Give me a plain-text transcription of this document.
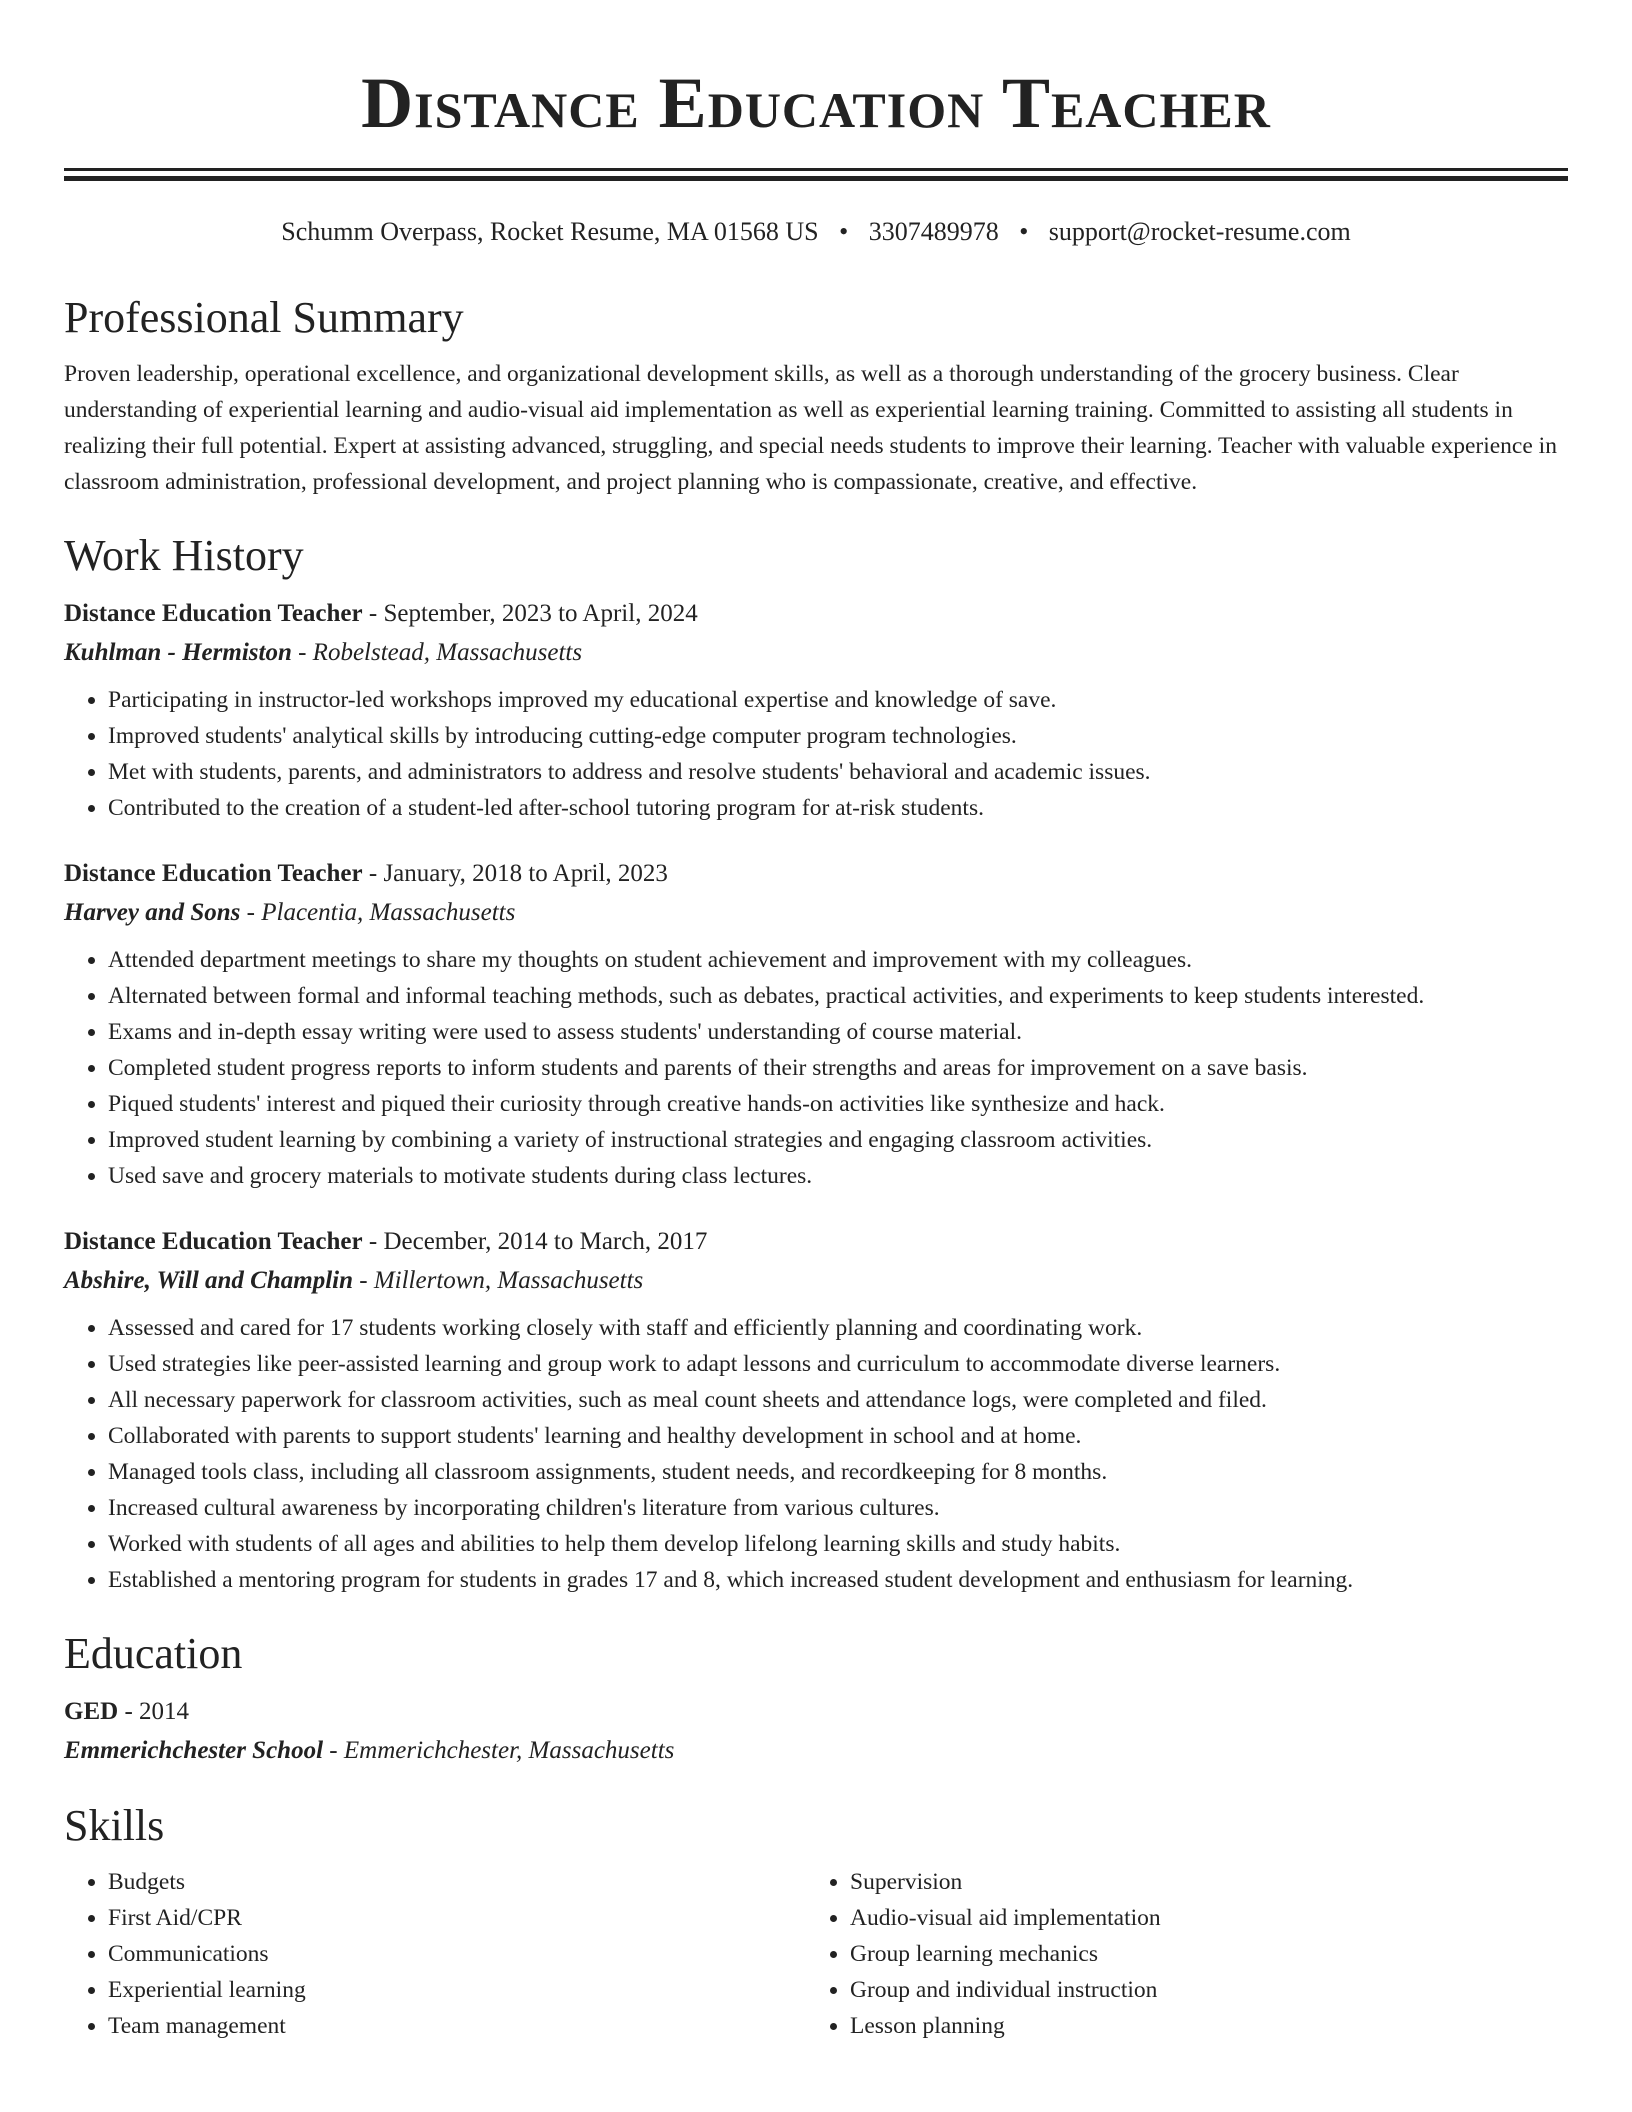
Distance Education Teacher
Schumm Overpass, Rocket Resume, MA 01568 US • 3307489978 • support@rocket-resume.com
Professional Summary

Proven leadership, operational excellence, and organizational development skills, as well as a thorough understanding of the grocery business. Clear understanding of experiential learning and audio-visual aid implementation as well as experiential learning training. Committed to assisting all students in realizing their full potential. Expert at assisting advanced, struggling, and special needs students to improve their learning. Teacher with valuable experience in classroom administration, professional development, and project planning who is compassionate, creative, and effective.

Work History

Distance Education Teacher - September, 2023 to April, 2024

Kuhlman - Hermiston - Robelstead, Massachusetts

• Participating in instructor-led workshops improved my educational expertise and knowledge of save.
• Improved students' analytical skills by introducing cutting-edge computer program technologies.
• Met with students, parents, and administrators to address and resolve students' behavioral and academic issues.
• Contributed to the creation of a student-led after-school tutoring program for at-risk students.

Distance Education Teacher - January, 2018 to April, 2023

Harvey and Sons - Placentia, Massachusetts

• Attended department meetings to share my thoughts on student achievement and improvement with my colleagues.
• Alternated between formal and informal teaching methods, such as debates, practical activities, and experiments to keep students interested.
• Exams and in-depth essay writing were used to assess students' understanding of course material.
• Completed student progress reports to inform students and parents of their strengths and areas for improvement on a save basis.
• Piqued students' interest and piqued their curiosity through creative hands-on activities like synthesize and hack.
• Improved student learning by combining a variety of instructional strategies and engaging classroom activities.
• Used save and grocery materials to motivate students during class lectures.

Distance Education Teacher - December, 2014 to March, 2017

Abshire, Will and Champlin - Millertown, Massachusetts

• Assessed and cared for 17 students working closely with staff and efficiently planning and coordinating work.
• Used strategies like peer-assisted learning and group work to adapt lessons and curriculum to accommodate diverse learners.
• All necessary paperwork for classroom activities, such as meal count sheets and attendance logs, were completed and filed.
• Collaborated with parents to support students' learning and healthy development in school and at home.
• Managed tools class, including all classroom assignments, student needs, and recordkeeping for 8 months.
• Increased cultural awareness by incorporating children's literature from various cultures.
• Worked with students of all ages and abilities to help them develop lifelong learning skills and study habits.
• Established a mentoring program for students in grades 17 and 8, which increased student development and enthusiasm for learning.
Education

GED - 2014

Emmerichchester School - Emmerichchester, Massachusetts

Skills
• Budgets
• First Aid/CPR
• Communications
• Experiential learning
• Team management
• Supervision
• Audio-visual aid implementation
• Group learning mechanics
• Group and individual instruction
• Lesson planning
